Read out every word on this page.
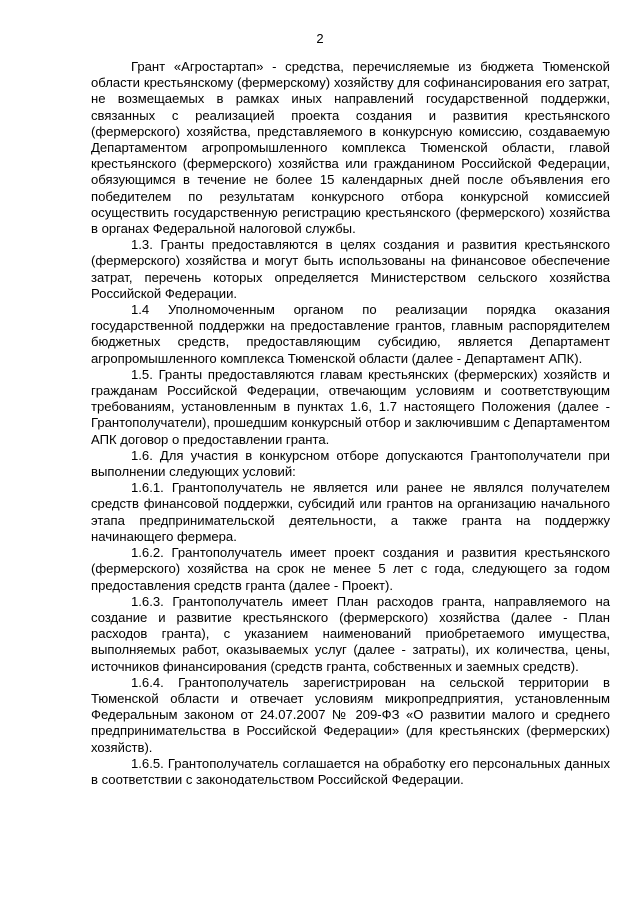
2

Грант «Агростартап» - средства, перечисляемые из бюджета Тюменской области крестьянскому (фермерскому) хозяйству для софинансирования его затрат, не возмещаемых в рамках иных направлений государственной поддержки, связанных с реализацией проекта создания и развития крестьянского (фермерского) хозяйства, представляемого в конкурсную комиссию, создаваемую Департаментом агропромышленного комплекса Тюменской области, главой крестьянского (фермерского) хозяйства или гражданином Российской Федерации, обязующимся в течение не более 15 календарных дней после объявления его победителем по результатам конкурсного отбора конкурсной комиссией осуществить государственную регистрацию крестьянского (фермерского) хозяйства в органах Федеральной налоговой службы.

1.3. Гранты предоставляются в целях создания и развития крестьянского (фермерского) хозяйства и могут быть использованы на финансовое обеспечение затрат, перечень которых определяется Министерством сельского хозяйства Российской Федерации.

1.4 Уполномоченным органом по реализации порядка оказания государственной поддержки на предоставление грантов, главным распорядителем бюджетных средств, предоставляющим субсидию, является Департамент агропромышленного комплекса Тюменской области (далее - Департамент АПК).

1.5. Гранты предоставляются главам крестьянских (фермерских) хозяйств и гражданам Российской Федерации, отвечающим условиям и соответствующим требованиям, установленным в пунктах 1.6, 1.7 настоящего Положения (далее - Грантополучатели), прошедшим конкурсный отбор и заключившим с Департаментом АПК договор о предоставлении гранта.

1.6. Для участия в конкурсном отборе допускаются Грантополучатели при выполнении следующих условий:

1.6.1. Грантополучатель не является или ранее не являлся получателем средств финансовой поддержки, субсидий или грантов на организацию начального этапа предпринимательской деятельности, а также гранта на поддержку начинающего фермера.

1.6.2. Грантополучатель имеет проект создания и развития крестьянского (фермерского) хозяйства на срок не менее 5 лет с года, следующего за годом предоставления средств гранта (далее - Проект).

1.6.3. Грантополучатель имеет План расходов гранта, направляемого на создание и развитие крестьянского (фермерского) хозяйства (далее - План расходов гранта), с указанием наименований приобретаемого имущества, выполняемых работ, оказываемых услуг (далее - затраты), их количества, цены, источников финансирования (средств гранта, собственных и заемных средств).

1.6.4. Грантополучатель зарегистрирован на сельской территории в Тюменской области и отвечает условиям микропредприятия, установленным Федеральным законом от 24.07.2007 № 209-ФЗ «О развитии малого и среднего предпринимательства в Российской Федерации» (для крестьянских (фермерских) хозяйств).

1.6.5. Грантополучатель соглашается на обработку его персональных данных в соответствии с законодательством Российской Федерации.
